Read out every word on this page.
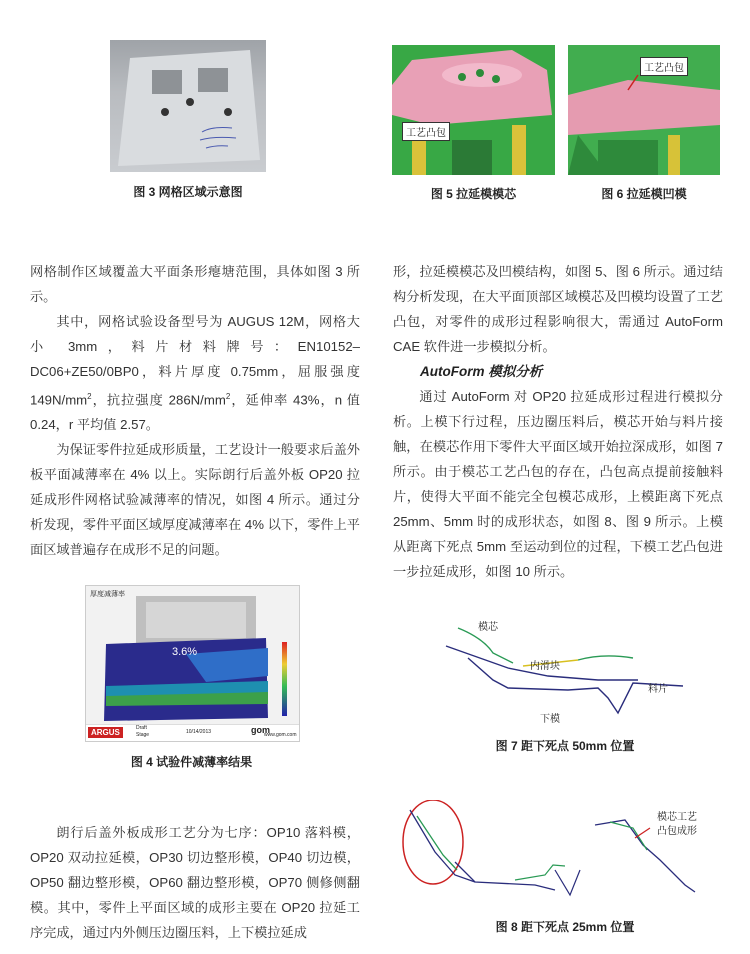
图 3 网格区域示意图
工艺凸包
图 5 拉延模模芯
工艺凸包
图 6 拉延模凹模

网格制作区域覆盖大平面条形瘪塘范围，具体如图 3 所示。

其中，网格试验设备型号为 AUGUS 12M，网格大小 3mm，料片材料牌号：EN10152–DC06+ZE50/0BP0，料片厚度 0.75mm，屈服强度 $149N/mm^2$，抗拉强度 $286N/mm^2$，延伸率 43%，n 值 0.24，r 平均值 2.57。

为保证零件拉延成形质量，工艺设计一般要求后盖外板平面减薄率在 4% 以上。实际朗行后盖外板 OP20 拉延成形件网格试验减薄率的情况，如图 4 所示。通过分析发现，零件平面区域厚度减薄率在 4% 以下，零件上平面区域普遍存在成形不足的问题。

形，拉延模模芯及凹模结构，如图 5、图 6 所示。通过结构分析发现，在大平面顶部区域模芯及凹模均设置了工艺凸包，对零件的成形过程影响很大，需通过 AutoForm CAE 软件进一步模拟分析。

AutoForm 模拟分析

通过 AutoForm 对 OP20 拉延成形过程进行模拟分析。上模下行过程，压边圈压料后，模芯开始与料片接触，在模芯作用下零件大平面区域开始拉深成形，如图 7 所示。由于模芯工艺凸包的存在，凸包高点提前接触料片，使得大平面不能完全包模芯成形，上模距离下死点 25mm、5mm 时的成形状态，如图 8、图 9 所示。上模从距离下死点 5mm 至运动到位的过程，下模工艺凸包进一步拉延成形，如图 10 所示。

厚度减薄率
3.6%
ARGUS	Draft
Stage	10/14/2013	gom
www.gom.com
图 4 试验件减薄率结果
模芯
内滑块
料片
下模
图 7 距下死点 50mm 位置
模芯工艺
凸包成形
图 8 距下死点 25mm 位置
朗行后盖外板成形工艺分为七序：OP10 落料模，OP20 双动拉延模，OP30 切边整形模，OP40 切边模，OP50 翻边整形模，OP60 翻边整形模，OP70 侧修侧翻模。其中，零件上平面区域的成形主要在 OP20 拉延工序完成，通过内外侧压边圈压料，上下模拉延成
